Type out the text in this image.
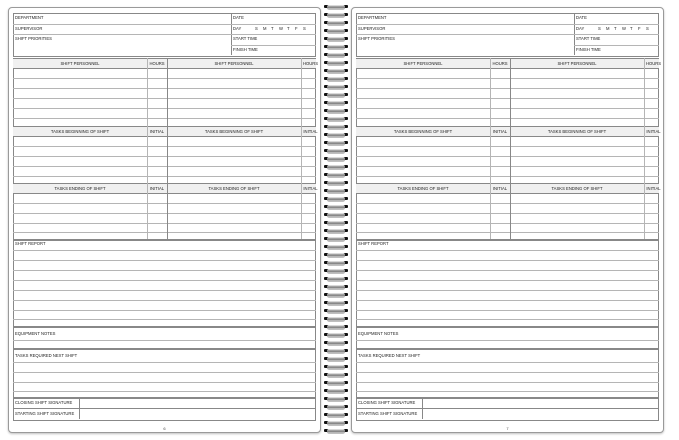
DEPARTMENT	DATE
SUPERVISOR	DAY	S M T W T F S
SHIFT PRIORITIES	START TIME
FINISH TIME
SHIFT PERSONNEL	HOURS	SHIFT PERSONNEL	HOURS
TASKS BEGINNING OF SHIFT	INITIAL	TASKS BEGINNING OF SHIFT	INITIAL
TASKS ENDING OF SHIFT	INITIAL	TASKS ENDING OF SHIFT	INITIAL
SHIFT REPORT
EQUIPMENT NOTES
TASKS REQUIRED NEXT SHIFT
CLOSING SHIFT SIGNATURE
STARTING SHIFT SIGNATURE
6
DEPARTMENT	DATE
SUPERVISOR	DAY	S M T W T F S
SHIFT PRIORITIES	START TIME
FINISH TIME
SHIFT PERSONNEL	HOURS	SHIFT PERSONNEL	HOURS
TASKS BEGINNING OF SHIFT	INITIAL	TASKS BEGINNING OF SHIFT	INITIAL
TASKS ENDING OF SHIFT	INITIAL	TASKS ENDING OF SHIFT	INITIAL
SHIFT REPORT
EQUIPMENT NOTES
TASKS REQUIRED NEXT SHIFT
CLOSING SHIFT SIGNATURE
STARTING SHIFT SIGNATURE
7
